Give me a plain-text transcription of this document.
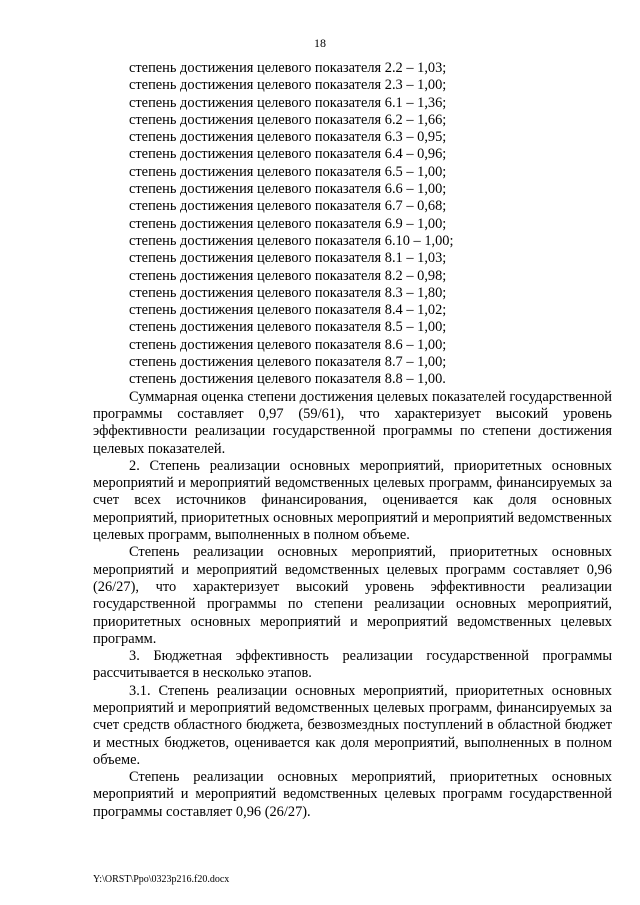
18
степень достижения целевого показателя 2.2 – 1,03;
степень достижения целевого показателя 2.3 – 1,00;
степень достижения целевого показателя 6.1 – 1,36;
степень достижения целевого показателя 6.2 – 1,66;
степень достижения целевого показателя 6.3 – 0,95;
степень достижения целевого показателя 6.4 – 0,96;
степень достижения целевого показателя 6.5 – 1,00;
степень достижения целевого показателя 6.6 – 1,00;
степень достижения целевого показателя 6.7 – 0,68;
степень достижения целевого показателя 6.9 – 1,00;
степень достижения целевого показателя 6.10 – 1,00;
степень достижения целевого показателя 8.1 – 1,03;
степень достижения целевого показателя 8.2 – 0,98;
степень достижения целевого показателя 8.3 – 1,80;
степень достижения целевого показателя 8.4 – 1,02;
степень достижения целевого показателя 8.5 – 1,00;
степень достижения целевого показателя 8.6 – 1,00;
степень достижения целевого показателя 8.7 – 1,00;
степень достижения целевого показателя 8.8 – 1,00.

Суммарная оценка степени достижения целевых показателей государственной программы составляет 0,97 (59/61), что характеризует высокий уровень эффективности реализации государственной программы по степени достижения целевых показателей.

2. Степень реализации основных мероприятий, приоритетных основных мероприятий и мероприятий ведомственных целевых программ, финансируемых за счет всех источников финансирования, оценивается как доля основных мероприятий, приоритетных основных мероприятий и мероприятий ведомственных целевых программ, выполненных в полном объеме.

Степень реализации основных мероприятий, приоритетных основных мероприятий и мероприятий ведомственных целевых программ составляет 0,96 (26/27), что характеризует высокий уровень эффективности реализации государственной программы по степени реализации основных мероприятий, приоритетных основных мероприятий и мероприятий ведомственных целевых программ.

3. Бюджетная эффективность реализации государственной программы рассчитывается в несколько этапов.

3.1. Степень реализации основных мероприятий, приоритетных основных мероприятий и мероприятий ведомственных целевых программ, финансируемых за счет средств областного бюджета, безвозмездных поступлений в областной бюджет и местных бюджетов, оценивается как доля мероприятий, выполненных в полном объеме.

Степень реализации основных мероприятий, приоритетных основных мероприятий и мероприятий ведомственных целевых программ государственной программы составляет 0,96 (26/27).

Y:\ORST\Ppo\0323p216.f20.docx
